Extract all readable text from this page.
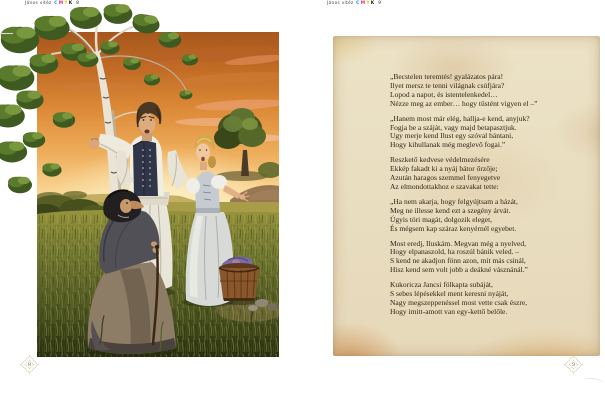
János vitéz CMYK 8	János vitéz CMYK 9
8
„Becstelen teremtés! gyalázatos pára!
Ilyet mersz te tenni világnak csúfjára?
Lopod a napot, és istentelenkedel…
Nézze meg az ember… hogy tüstént vigyen el –”
„Hanem most már elég, hallja-e kend, anyjuk?
Fogja be a száját, vagy majd betapasztjuk.
Ugy merje kend Ilust egy szóval bántani,
Hogy kihullanak még meglevő fogai.”
Reszkető kedvese védelmezésére
Ekkép fakadt ki a nyáj bátor őrzője;
Azután haragos szemmel fenyegetve
Az elmondottakhoz e szavakat tette:
„Ha nem akarja, hogy felgyújtsam a házát,
Meg ne illesse kend ezt a szegény árvát.
Úgyis töri magát, dolgozik eleget,
És mégsem kap száraz kenyérnél egyebet.
Most eredj, Iluskám. Megvan még a nyelved,
Hogy elpanaszold, ha roszúl bánik veled. –
S kend ne akadjon fönn azon, mit más csinál,
Hisz kend sem volt jobb a deákné vásznánál.”
Kukoricza Jancsi fölkapta subáját,
S sebes lépésekkel ment keresni nyáját,
Nagy megszeppenéssel most vette csak észre,
Hogy imitt-amott van egy-kettő belőle.
9
